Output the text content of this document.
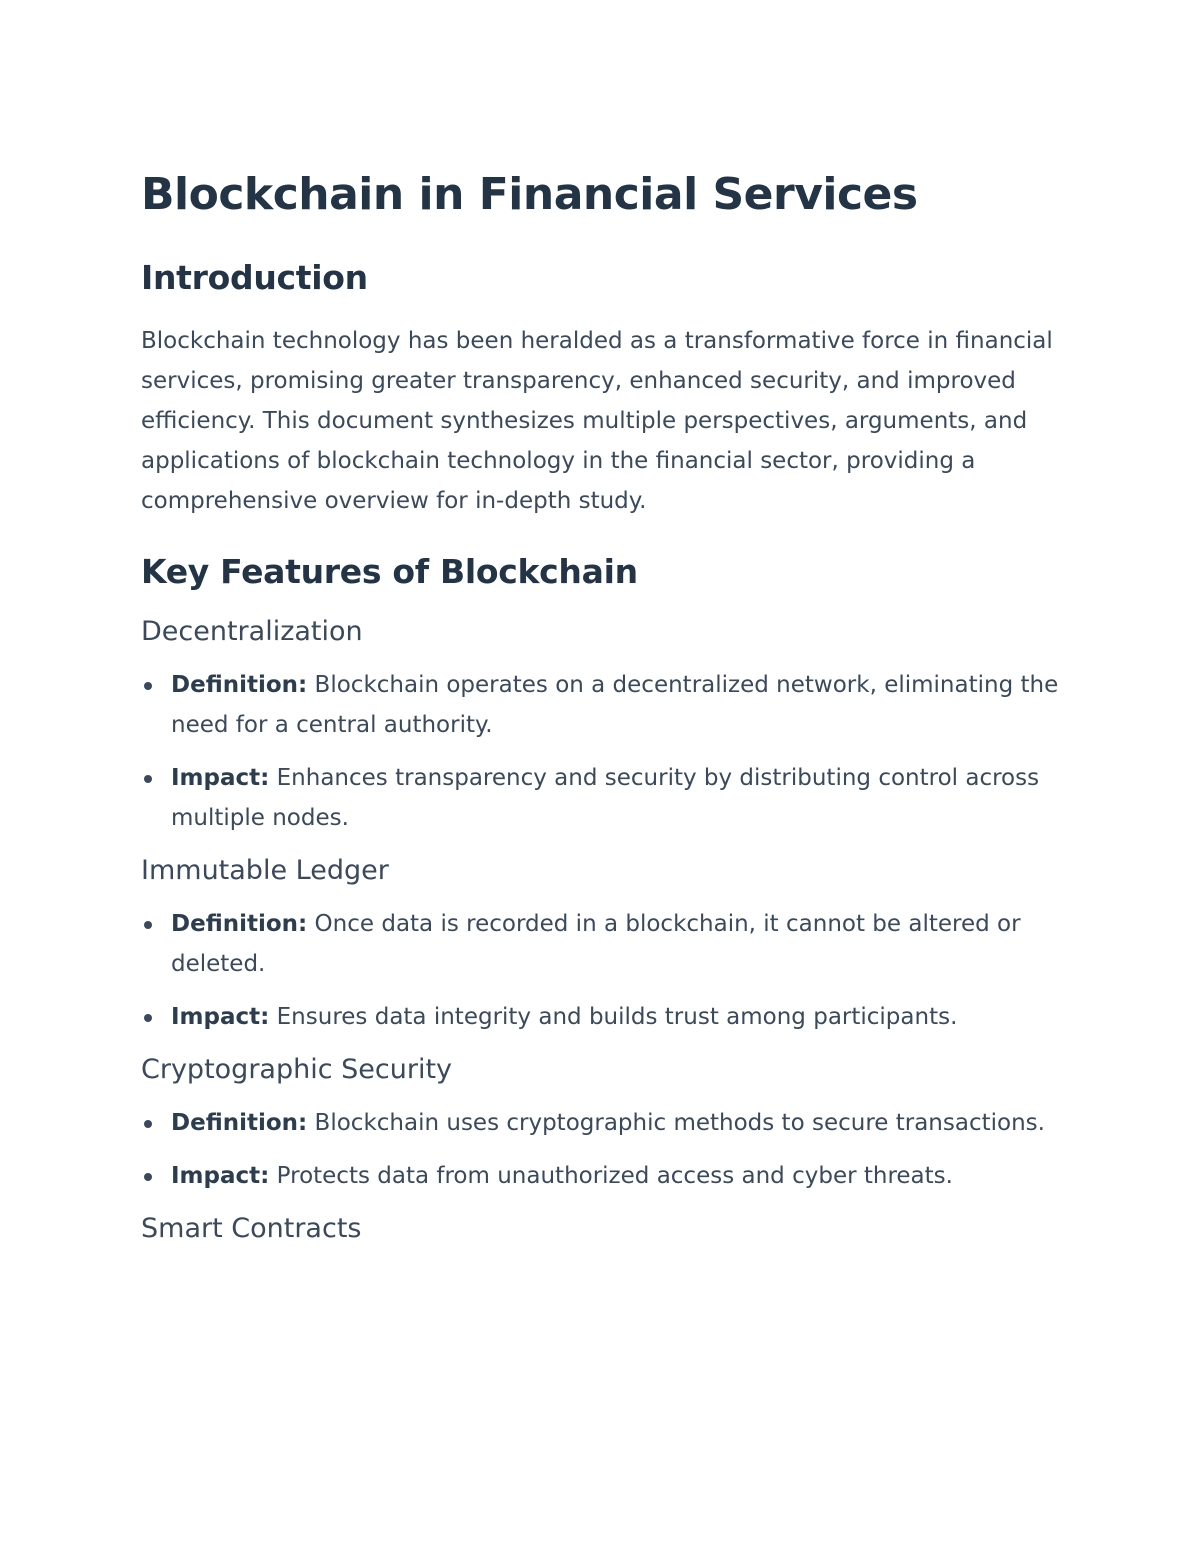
Blockchain in Financial Services
Introduction

Blockchain technology has been heralded as a transformative force in financial services, promising greater transparency, enhanced security, and improved efficiency. This document synthesizes multiple perspectives, arguments, and applications of blockchain technology in the financial sector, providing a comprehensive overview for in-depth study.

Key Features of Blockchain
Decentralization
Definition: Blockchain operates on a decentralized network, eliminating the need for a central authority.
Impact: Enhances transparency and security by distributing control across multiple nodes.
Immutable Ledger
Definition: Once data is recorded in a blockchain, it cannot be altered or deleted.
Impact: Ensures data integrity and builds trust among participants.
Cryptographic Security
Definition: Blockchain uses cryptographic methods to secure transactions.
Impact: Protects data from unauthorized access and cyber threats.
Smart Contracts
